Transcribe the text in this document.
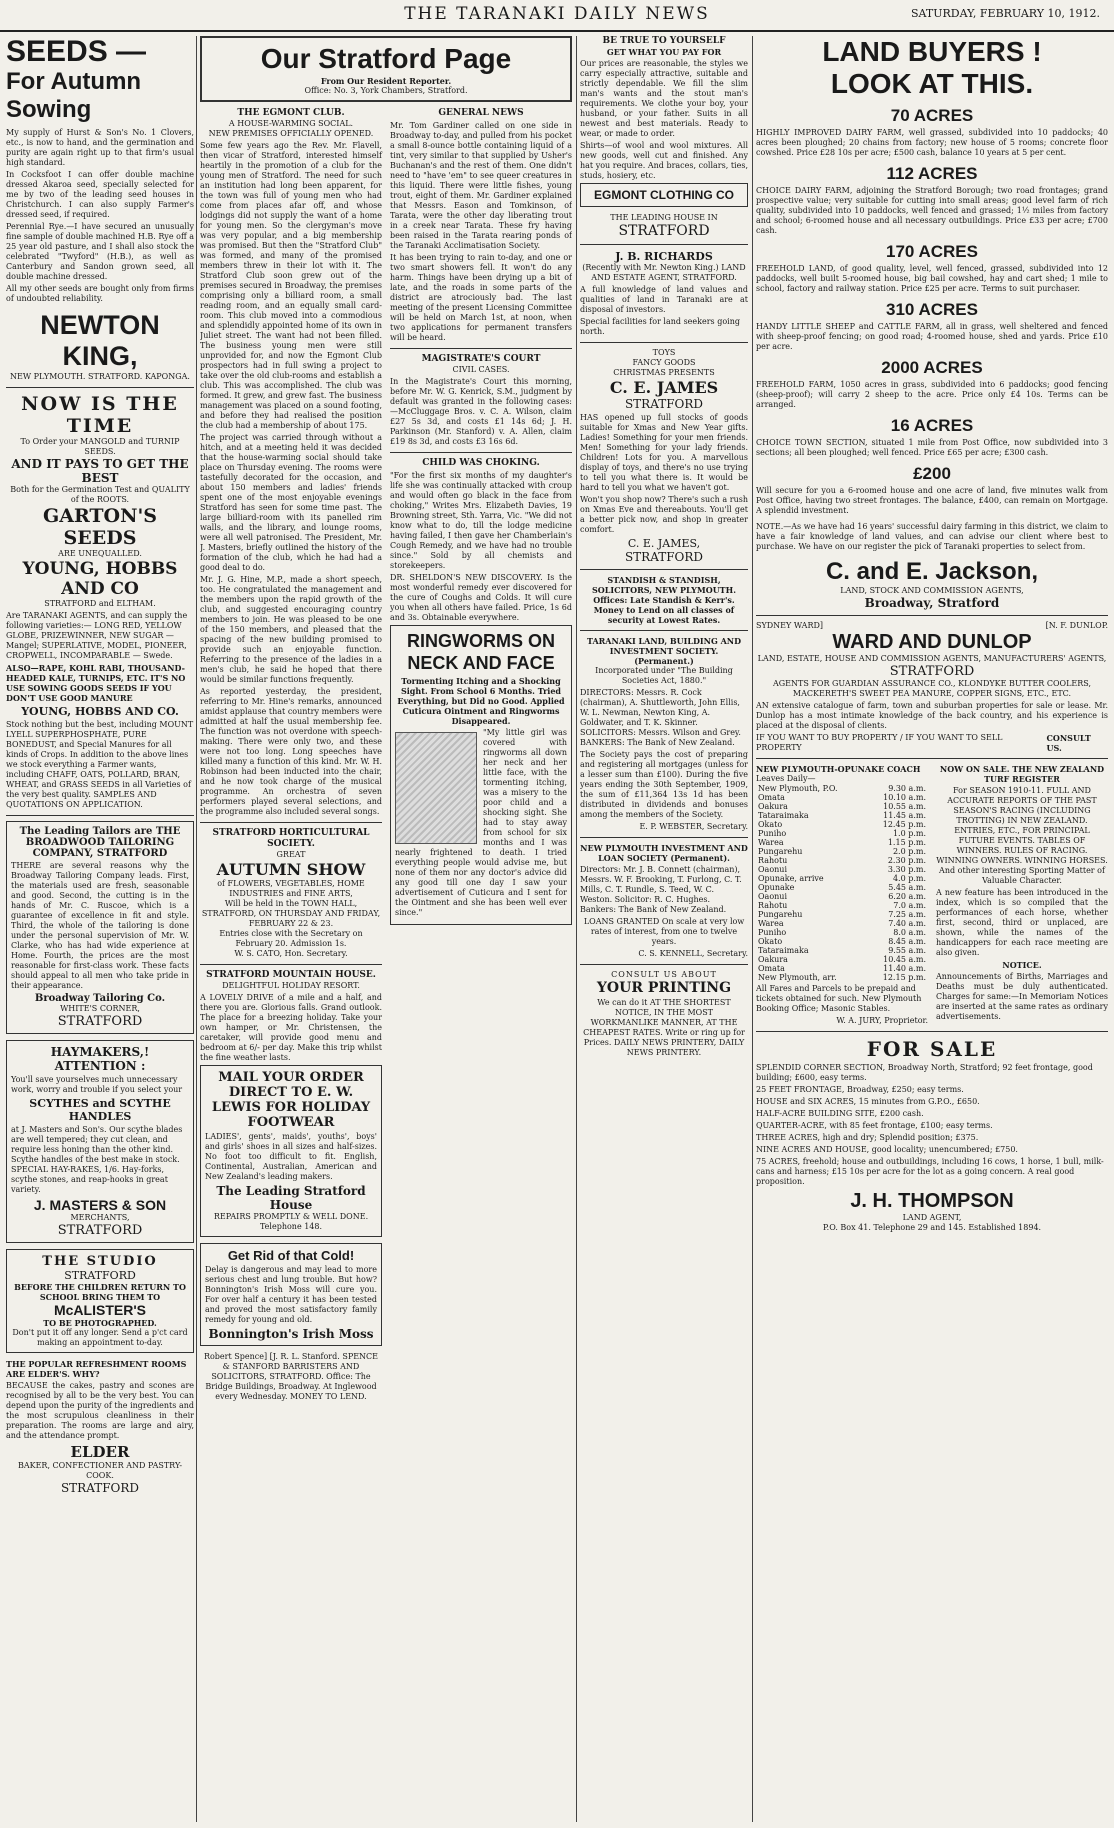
THE TARANAKI DAILY NEWS	SATURDAY, FEBRUARY 10, 1912.
SEEDS —
For Autumn Sowing

My supply of Hurst & Son's No. 1 Clovers, etc., is now to hand, and the germination and purity are again right up to that firm's usual high standard.

In Cocksfoot I can offer double machine dressed Akaroa seed, specially selected for me by two of the leading seed houses in Christchurch. I can also supply Farmer's dressed seed, if required.

Perennial Rye.—I have secured an unusually fine sample of double machined H.B. Rye off a 25 year old pasture, and I shall also stock the celebrated "Twyford" (H.B.), as well as Canterbury and Sandon grown seed, all double machine dressed.

All my other seeds are bought only from firms of undoubted reliability.

NEWTON KING,
NEW PLYMOUTH. STRATFORD. KAPONGA.
NOW IS THE TIME
To Order your MANGOLD and TURNIP SEEDS.
AND IT PAYS TO GET THE BEST
Both for the Germination Test and QUALITY of the ROOTS.
GARTON'S SEEDS
ARE UNEQUALLED.
YOUNG, HOBBS AND CO
STRATFORD and ELTHAM.

Are TARANAKI AGENTS, and can supply the following varieties:— LONG RED, YELLOW GLOBE, PRIZEWINNER, NEW SUGAR — Mangel; SUPERLATIVE, MODEL, PIONEER, CROPWELL, INCOMPARABLE — Swede.

ALSO—RAPE, KOHL RABI, THOUSAND-HEADED KALE, TURNIPS, ETC. IT'S NO USE SOWING GOODS SEEDS IF YOU DON'T USE GOOD MANURE

YOUNG, HOBBS AND CO.

Stock nothing but the best, including MOUNT LYELL SUPERPHOSPHATE, PURE BONEDUST, and Special Manures for all kinds of Crops. In addition to the above lines we stock everything a Farmer wants, including CHAFF, OATS, POLLARD, BRAN, WHEAT, and GRASS SEEDS in all Varieties of the very best quality. SAMPLES AND QUOTATIONS ON APPLICATION.

The Leading Tailors are THE BROADWOOD TAILORING COMPANY, STRATFORD

THERE are several reasons why the Broadway Tailoring Company leads. First, the materials used are fresh, seasonable and good. Second, the cutting is in the hands of Mr. C. Ruscoe, which is a guarantee of excellence in fit and style. Third, the whole of the tailoring is done under the personal supervision of Mr. W. Clarke, who has had wide experience at Home. Fourth, the prices are the most reasonable for first-class work. These facts should appeal to all men who take pride in their appearance.

Broadway Tailoring Co.
WHITE'S CORNER,
STRATFORD
HAYMAKERS,! ATTENTION :

You'll save yourselves much unnecessary work, worry and trouble if you select your

SCYTHES and SCYTHE HANDLES

at J. Masters and Son's. Our scythe blades are well tempered; they cut clean, and require less honing than the other kind. Scythe handles of the best make in stock. SPECIAL HAY-RAKES, 1/6. Hay-forks, scythe stones, and reap-hooks in great variety.

J. MASTERS & SON
MERCHANTS,
STRATFORD
THE STUDIO
STRATFORD
BEFORE THE CHILDREN RETURN TO SCHOOL BRING THEM TO
McALISTER'S
TO BE PHOTOGRAPHED.
Don't put it off any longer. Send a p'ct card making an appointment to-day.
THE POPULAR REFRESHMENT ROOMS ARE ELDER'S. WHY?

BECAUSE the cakes, pastry and scones are recognised by all to be the very best. You can depend upon the purity of the ingredients and the most scrupulous cleanliness in their preparation. The rooms are large and airy, and the attendance prompt.

ELDER
BAKER, CONFECTIONER AND PASTRY-COOK.
STRATFORD
Our Stratford Page
From Our Resident Reporter.
Office: No. 3, York Chambers, Stratford.
THE EGMONT CLUB.
A HOUSE-WARMING SOCIAL.
NEW PREMISES OFFICIALLY OPENED.

Some few years ago the Rev. Mr. Flavell, then vicar of Stratford, interested himself heartily in the promotion of a club for the young men of Stratford. The need for such an institution had long been apparent, for the town was full of young men who had come from places afar off, and whose lodgings did not supply the want of a home for young men. So the clergyman's move was very popular, and a big membership was promised. But then the "Stratford Club" was formed, and many of the promised members threw in their lot with it. The Stratford Club soon grew out of the premises secured in Broadway, the premises comprising only a billiard room, a small reading room, and an equally small card-room. This club moved into a commodious and splendidly appointed home of its own in Juliet street. The want had not been filled. The business young men were still unprovided for, and now the Egmont Club prospectors had in full swing a project to take over the old club-rooms and establish a club. This was accomplished. The club was formed. It grew, and grew fast. The business management was placed on a sound footing, and before they had realised the position the club had a membership of about 175.

The project was carried through without a hitch, and at a meeting held it was decided that the house-warming social should take place on Thursday evening. The rooms were tastefully decorated for the occasion, and about 150 members and ladies' friends spent one of the most enjoyable evenings Stratford has seen for some time past. The large billiard-room with its panelled rim walls, and the library, and lounge rooms, were all well patronised. The President, Mr. J. Masters, briefly outlined the history of the formation of the club, which he had had a good deal to do.

Mr. J. G. Hine, M.P., made a short speech, too. He congratulated the management and the members upon the rapid growth of the club, and suggested encouraging country members to join. He was pleased to be one of the 150 members, and pleased that the spacing of the new building promised to provide such an enjoyable function. Referring to the presence of the ladies in a men's club, he said he hoped that there would be similar functions frequently.

As reported yesterday, the president, referring to Mr. Hine's remarks, announced amidst applause that country members were admitted at half the usual membership fee. The function was not overdone with speech-making. There were only two, and these were not too long. Long speeches have killed many a function of this kind. Mr. W. H. Robinson had been inducted into the chair, and he now took charge of the musical programme. An orchestra of seven performers played several selections, and the programme also included several songs.

STRATFORD HORTICULTURAL SOCIETY.
GREAT
AUTUMN SHOW
of FLOWERS, VEGETABLES, HOME INDUSTRIES and FINE ARTS,
Will be held in the TOWN HALL, STRATFORD, ON THURSDAY AND FRIDAY, FEBRUARY 22 & 23.
Entries close with the Secretary on February 20. Admission 1s.
W. S. CATO, Hon. Secretary.
STRATFORD MOUNTAIN HOUSE.
DELIGHTFUL HOLIDAY RESORT.

A LOVELY DRIVE of a mile and a half, and there you are. Glorious falls. Grand outlook. The place for a breezing holiday. Take your own hamper, or Mr. Christensen, the caretaker, will provide good menu and bedroom at 6/- per day. Make this trip whilst the fine weather lasts.

MAIL YOUR ORDER DIRECT TO E. W. LEWIS FOR HOLIDAY FOOTWEAR

LADIES', gents', maids', youths', boys' and girls' shoes in all sizes and half-sizes. No foot too difficult to fit. English, Continental, Australian, American and New Zealand's leading makers.

The Leading Stratford House
REPAIRS PROMPTLY & WELL DONE. Telephone 148.
Get Rid of that Cold!

Delay is dangerous and may lead to more serious chest and lung trouble. But how? Bonnington's Irish Moss will cure you. For over half a century it has been tested and proved the most satisfactory family remedy for young and old.

Bonnington's Irish Moss

Robert Spence] [J. R. L. Stanford. SPENCE & STANFORD BARRISTERS AND SOLICITORS, STRATFORD. Office: The Bridge Buildings, Broadway. At Inglewood every Wednesday. MONEY TO LEND.

GENERAL NEWS

Mr. Tom Gardiner called on one side in Broadway to-day, and pulled from his pocket a small 8-ounce bottle containing liquid of a tint, very similar to that supplied by Usher's Buchanan's and the rest of them. One didn't need to "have 'em" to see queer creatures in this liquid. There were little fishes, young trout, eight of them. Mr. Gardiner explained that Messrs. Eason and Tomkinson, of Tarata, were the other day liberating trout in a creek near Tarata. These fry having been raised in the Tarata rearing ponds of the Taranaki Acclimatisation Society.

It has been trying to rain to-day, and one or two smart showers fell. It won't do any harm. Things have been drying up a bit of late, and the roads in some parts of the district are atrociously bad. The last meeting of the present Licensing Committee will be held on March 1st, at noon, when two applications for permanent transfers will be heard.

MAGISTRATE'S COURT
CIVIL CASES.

In the Magistrate's Court this morning, before Mr. W. G. Kenrick, S.M., judgment by default was granted in the following cases:—McCluggage Bros. v. C. A. Wilson, claim £27 5s 3d, and costs £1 14s 6d; J. H. Parkinson (Mr. Stanford) v. A. Allen, claim £19 8s 3d, and costs £3 16s 6d.

CHILD WAS CHOKING.

"For the first six months of my daughter's life she was continually attacked with croup and would often go black in the face from choking," Writes Mrs. Elizabeth Davies, 19 Browning street, Sth. Yarra, Vic. "We did not know what to do, till the lodge medicine having failed, I then gave her Chamberlain's Cough Remedy, and we have had no trouble since." Sold by all chemists and storekeepers.

DR. SHELDON'S NEW DISCOVERY. Is the most wonderful remedy ever discovered for the cure of Coughs and Colds. It will cure you when all others have failed. Price, 1s 6d and 3s. Obtainable everywhere.

RINGWORMS ON NECK AND FACE

Tormenting Itching and a Shocking Sight. From School 6 Months. Tried Everything, but Did no Good. Applied Cuticura Ointment and Ringworms Disappeared.

"My little girl was covered with ringworms all down her neck and her little face, with the tormenting itching, was a misery to the poor child and a shocking sight. She had to stay away from school for six months and I was nearly frightened to death. I tried everything people would advise me, but none of them nor any doctor's advice did any good till one day I saw your advertisement of Cuticura and I sent for the Ointment and she has been well ever since."

BE TRUE TO YOURSELF
GET WHAT YOU PAY FOR

Our prices are reasonable, the styles we carry especially attractive, suitable and strictly dependable. We fill the slim man's wants and the stout man's requirements. We clothe your boy, your husband, or your father. Suits in all newest and best materials. Ready to wear, or made to order.

Shirts—of wool and wool mixtures. All new goods, well cut and finished. Any hat you require. And braces, collars, ties, studs, hosiery, etc.

EGMONT CLOTHING CO
THE LEADING HOUSE IN
STRATFORD
J. B. RICHARDS
(Recently with Mr. Newton King.) LAND AND ESTATE AGENT, STRATFORD.

A full knowledge of land values and qualities of land in Taranaki are at disposal of investors.

Special facilities for land seekers going north.

TOYS
FANCY GOODS
CHRISTMAS PRESENTS
C. E. JAMES
STRATFORD

HAS opened up full stocks of goods suitable for Xmas and New Year gifts. Ladies! Something for your men friends. Men! Something for your lady friends. Children! Lots for you. A marvellous display of toys, and there's no use trying to tell you what there is. It would be hard to tell you what we haven't got.

Won't you shop now? There's such a rush on Xmas Eve and thereabouts. You'll get a better pick now, and shop in greater comfort.

C. E. JAMES,
STRATFORD

STANDISH & STANDISH, SOLICITORS, NEW PLYMOUTH. Offices: Late Standish & Kerr's. Money to Lend on all classes of security at Lowest Rates.

TARANAKI LAND, BUILDING AND INVESTMENT SOCIETY. (Permanent.)
Incorporated under "The Building Societies Act, 1880."

DIRECTORS: Messrs. R. Cock (chairman), A. Shuttleworth, John Ellis, W. L. Newman, Newton King, A. Goldwater, and T. K. Skinner. SOLICITORS: Messrs. Wilson and Grey. BANKERS: The Bank of New Zealand.

The Society pays the cost of preparing and registering all mortgages (unless for a lesser sum than £100). During the five years ending the 30th September, 1909, the sum of £11,364 13s 1d has been distributed in dividends and bonuses among the members of the Society.

E. P. WEBSTER, Secretary.
NEW PLYMOUTH INVESTMENT AND LOAN SOCIETY (Permanent).

Directors: Mr. J. B. Connett (chairman), Messrs. W. F. Brooking, T. Furlong, C. T. Mills, C. T. Rundle, S. Teed, W. C. Weston. Solicitor: R. C. Hughes. Bankers: The Bank of New Zealand.

LOANS GRANTED On scale at very low rates of interest, from one to twelve years.

C. S. KENNELL, Secretary.
CONSULT US ABOUT
YOUR PRINTING

We can do it AT THE SHORTEST NOTICE, IN THE MOST WORKMANLIKE MANNER, AT THE CHEAPEST RATES. Write or ring up for Prices. DAILY NEWS PRINTERY, DAILY NEWS PRINTERY.

LAND BUYERS !
LOOK AT THIS.
70 ACRES

HIGHLY IMPROVED DAIRY FARM, well grassed, subdivided into 10 paddocks; 40 acres been ploughed; 20 chains from factory; new house of 5 rooms; concrete floor cowshed. Price £28 10s per acre; £500 cash, balance 10 years at 5 per cent.

112 ACRES

CHOICE DAIRY FARM, adjoining the Stratford Borough; two road frontages; grand prospective value; very suitable for cutting into small areas; good level farm of rich quality, subdivided into 10 paddocks, well fenced and grassed; 1½ miles from factory and school; 6-roomed house and all necessary outbuildings. Price £33 per acre; £700 cash.

170 ACRES

FREEHOLD LAND, of good quality, level, well fenced, grassed, subdivided into 12 paddocks, well built 5-roomed house, big bail cowshed, hay and cart shed; 1 mile to school, factory and railway station. Price £25 per acre. Terms to suit purchaser.

310 ACRES

HANDY LITTLE SHEEP and CATTLE FARM, all in grass, well sheltered and fenced with sheep-proof fencing; on good road; 4-roomed house, shed and yards. Price £10 per acre.

2000 ACRES

FREEHOLD FARM, 1050 acres in grass, subdivided into 6 paddocks; good fencing (sheep-proof); will carry 2 sheep to the acre. Price only £4 10s. Terms can be arranged.

16 ACRES

CHOICE TOWN SECTION, situated 1 mile from Post Office, now subdivided into 3 sections; all been ploughed; well fenced. Price £65 per acre; £300 cash.

£200

Will secure for you a 6-roomed house and one acre of land, five minutes walk from Post Office, having two street frontages. The balance, £400, can remain on Mortgage. A splendid investment.

NOTE.—As we have had 16 years' successful dairy farming in this district, we claim to have a fair knowledge of land values, and can advise our client where best to purchase. We have on our register the pick of Taranaki properties to select from.

C. and E. Jackson,
LAND, STOCK AND COMMISSION AGENTS,
Broadway, Stratford
SYDNEY WARD]	[N. F. DUNLOP.
WARD AND DUNLOP
LAND, ESTATE, HOUSE AND COMMISSION AGENTS, MANUFACTURERS' AGENTS,
STRATFORD
AGENTS FOR GUARDIAN ASSURANCE CO., KLONDYKE BUTTER COOLERS, MACKERETH'S SWEET PEA MANURE, COPPER SIGNS, ETC., ETC.

AN extensive catalogue of farm, town and suburban properties for sale or lease. Mr. Dunlop has a most intimate knowledge of the back country, and his experience is placed at the disposal of clients.

IF YOU WANT TO BUY PROPERTY / IF YOU WANT TO SELL PROPERTY
CONSULT US.
NEW PLYMOUTH-OPUNAKE COACH
Leaves Daily—
New Plymouth, P.O.	9.30 a.m.
Omata	10.10 a.m.
Oakura	10.55 a.m.
Tataraimaka	11.45 a.m.
Okato	12.45 p.m.
Puniho	1.0 p.m.
Warea	1.15 p.m.
Pungarehu	2.0 p.m.
Rahotu	2.30 p.m.
Oaonui	3.30 p.m.
Opunake, arrive	4.0 p.m.
Opunake	5.45 a.m.
Oaonui	6.20 a.m.
Rahotu	7.0 a.m.
Pungarehu	7.25 a.m.
Warea	7.40 a.m.
Puniho	8.0 a.m.
Okato	8.45 a.m.
Tataraimaka	9.55 a.m.
Oakura	10.45 a.m.
Omata	11.40 a.m.
New Plymouth, arr.	12.15 p.m.

All Fares and Parcels to be prepaid and tickets obtained for such. New Plymouth Booking Office; Masonic Stables.

W. A. JURY, Proprietor.
NOW ON SALE. THE NEW ZEALAND TURF REGISTER

For SEASON 1910-11. FULL AND ACCURATE REPORTS OF THE PAST SEASON'S RACING (INCLUDING TROTTING) IN NEW ZEALAND. ENTRIES, ETC., FOR PRINCIPAL FUTURE EVENTS. TABLES OF WINNERS. RULES OF RACING. WINNING OWNERS. WINNING HORSES. And other interesting Sporting Matter of Valuable Character.

A new feature has been introduced in the index, which is so compiled that the performances of each horse, whether first, second, third or unplaced, are shown, while the names of the handicappers for each race meeting are also given.

NOTICE.

Announcements of Births, Marriages and Deaths must be duly authenticated. Charges for same:—In Memoriam Notices are inserted at the same rates as ordinary advertisements.

FOR SALE

SPLENDID CORNER SECTION, Broadway North, Stratford; 92 feet frontage, good building; £600, easy terms.

25 FEET FRONTAGE, Broadway, £250; easy terms.

HOUSE and SIX ACRES, 15 minutes from G.P.O., £650.

HALF-ACRE BUILDING SITE, £200 cash.

QUARTER-ACRE, with 85 feet frontage, £100; easy terms.

THREE ACRES, high and dry; Splendid position; £375.

NINE ACRES AND HOUSE, good locality; unencumbered; £750.

75 ACRES, freehold; house and outbuildings, including 16 cows, 1 horse, 1 bull, milk-cans and harness; £15 10s per acre for the lot as a going concern. A real good proposition.

J. H. THOMPSON
LAND AGENT,
P.O. Box 41. Telephone 29 and 145. Established 1894.
